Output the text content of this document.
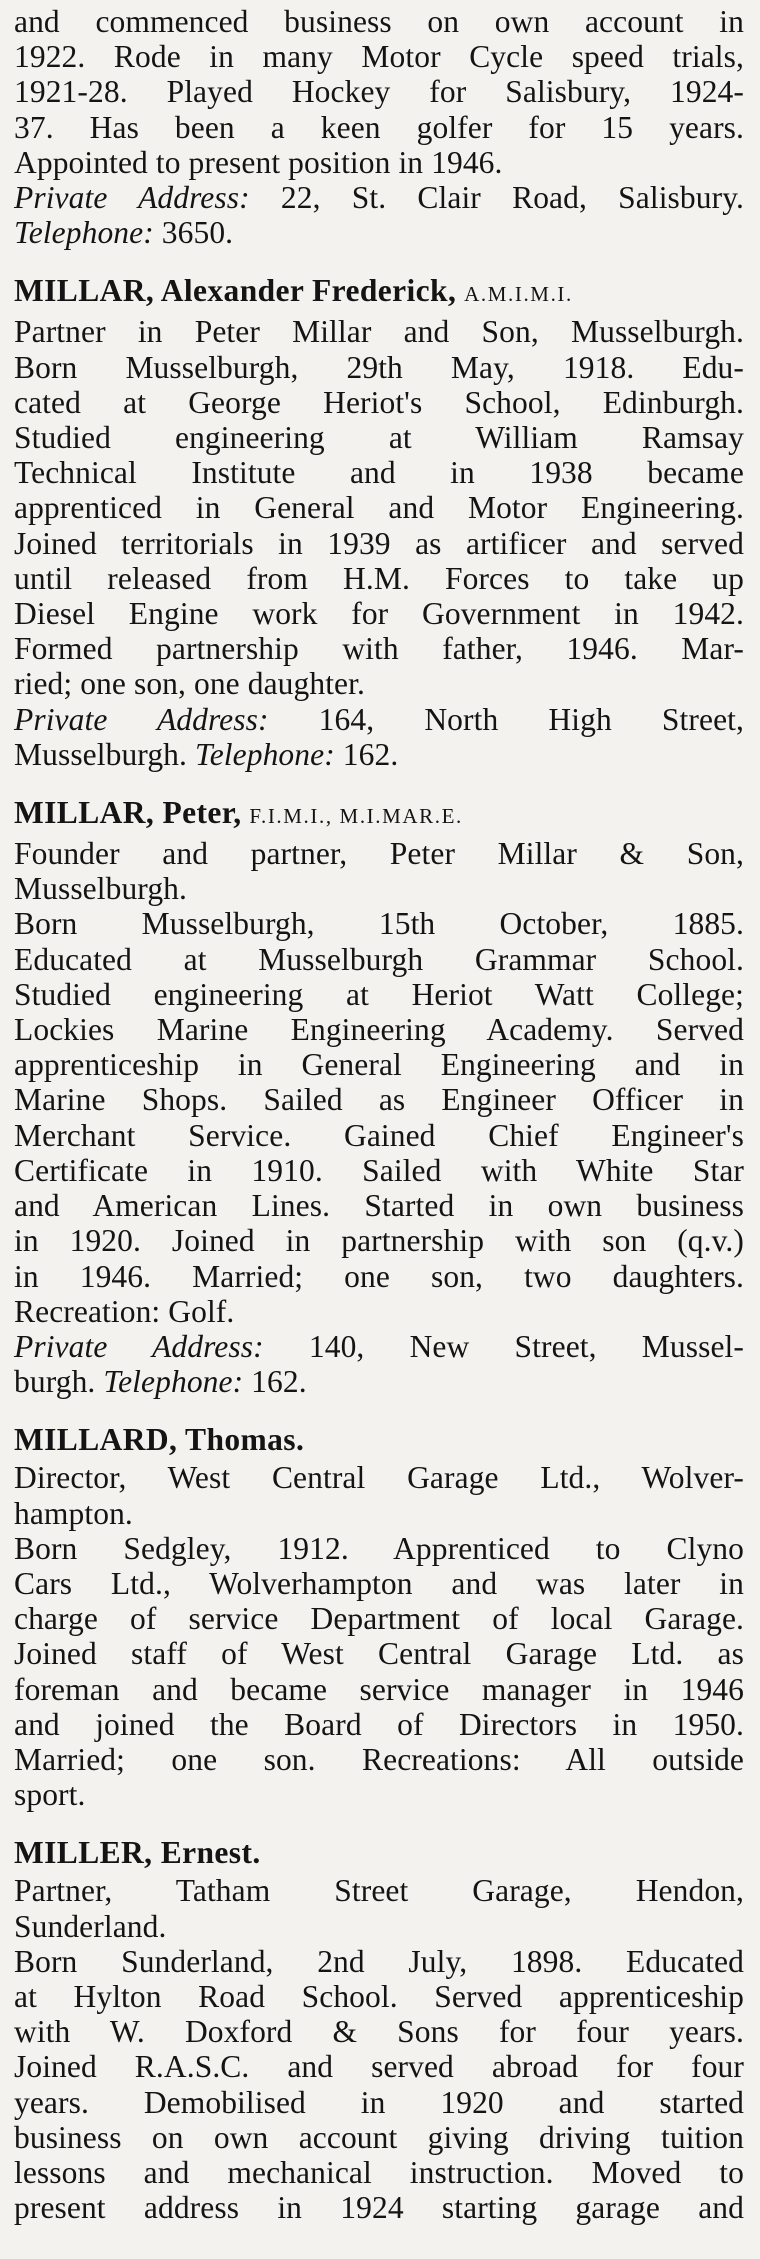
and commenced business on own account in
1922. Rode in many Motor Cycle speed trials,
1921-28. Played Hockey for Salisbury, 1924-
37. Has been a keen golfer for 15 years.
Appointed to present position in 1946.
Private Address: 22, St. Clair Road, Salisbury.
Telephone: 3650.
MILLAR, Alexander Frederick, A.M.I.M.I.
Partner in Peter Millar and Son, Musselburgh.
Born Musselburgh, 29th May, 1918. Edu-
cated at George Heriot's School, Edinburgh.
Studied engineering at William Ramsay
Technical Institute and in 1938 became
apprenticed in General and Motor Engineering.
Joined territorials in 1939 as artificer and served
until released from H.M. Forces to take up
Diesel Engine work for Government in 1942.
Formed partnership with father, 1946. Mar-
ried; one son, one daughter.
Private Address: 164, North High Street,
Musselburgh. Telephone: 162.
MILLAR, Peter, F.I.M.I., M.I.MAR.E.
Founder and partner, Peter Millar & Son,
Musselburgh.
Born Musselburgh, 15th October, 1885.
Educated at Musselburgh Grammar School.
Studied engineering at Heriot Watt College;
Lockies Marine Engineering Academy. Served
apprenticeship in General Engineering and in
Marine Shops. Sailed as Engineer Officer in
Merchant Service. Gained Chief Engineer's
Certificate in 1910. Sailed with White Star
and American Lines. Started in own business
in 1920. Joined in partnership with son (q.v.)
in 1946. Married; one son, two daughters.
Recreation: Golf.
Private Address: 140, New Street, Mussel-
burgh. Telephone: 162.
MILLARD, Thomas.
Director, West Central Garage Ltd., Wolver-
hampton.
Born Sedgley, 1912. Apprenticed to Clyno
Cars Ltd., Wolverhampton and was later in
charge of service Department of local Garage.
Joined staff of West Central Garage Ltd. as
foreman and became service manager in 1946
and joined the Board of Directors in 1950.
Married; one son. Recreations: All outside
sport.
MILLER, Ernest.
Partner, Tatham Street Garage, Hendon,
Sunderland.
Born Sunderland, 2nd July, 1898. Educated
at Hylton Road School. Served apprenticeship
with W. Doxford & Sons for four years.
Joined R.A.S.C. and served abroad for four
years. Demobilised in 1920 and started
business on own account giving driving tuition
lessons and mechanical instruction. Moved to
present address in 1924 starting garage and
